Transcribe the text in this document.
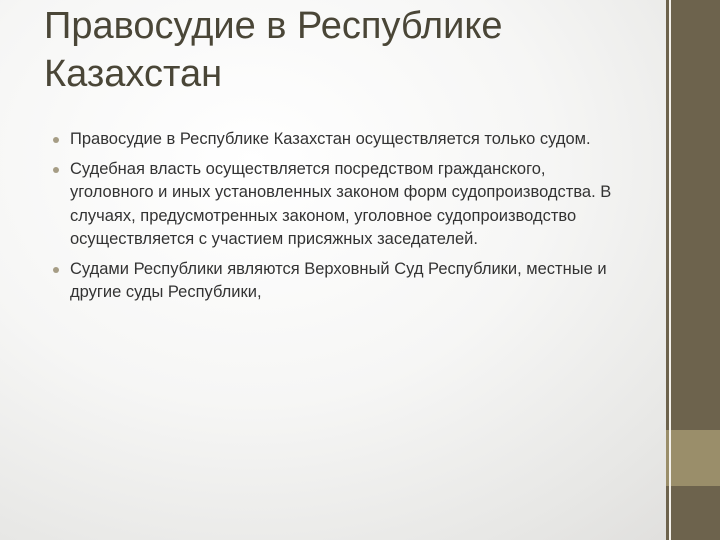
Правосудие в Республике Казахстан
Правосудие в Республике Казахстан осуществляется только судом.
Судебная власть осуществляется посредством гражданского, уголовного и иных установленных законом форм судопроизводства. В случаях, предусмотренных законом, уголовное судопроизводство осуществляется с участием присяжных заседателей.
Судами Республики являются Верховный Суд Республики, местные и другие суды Республики,
